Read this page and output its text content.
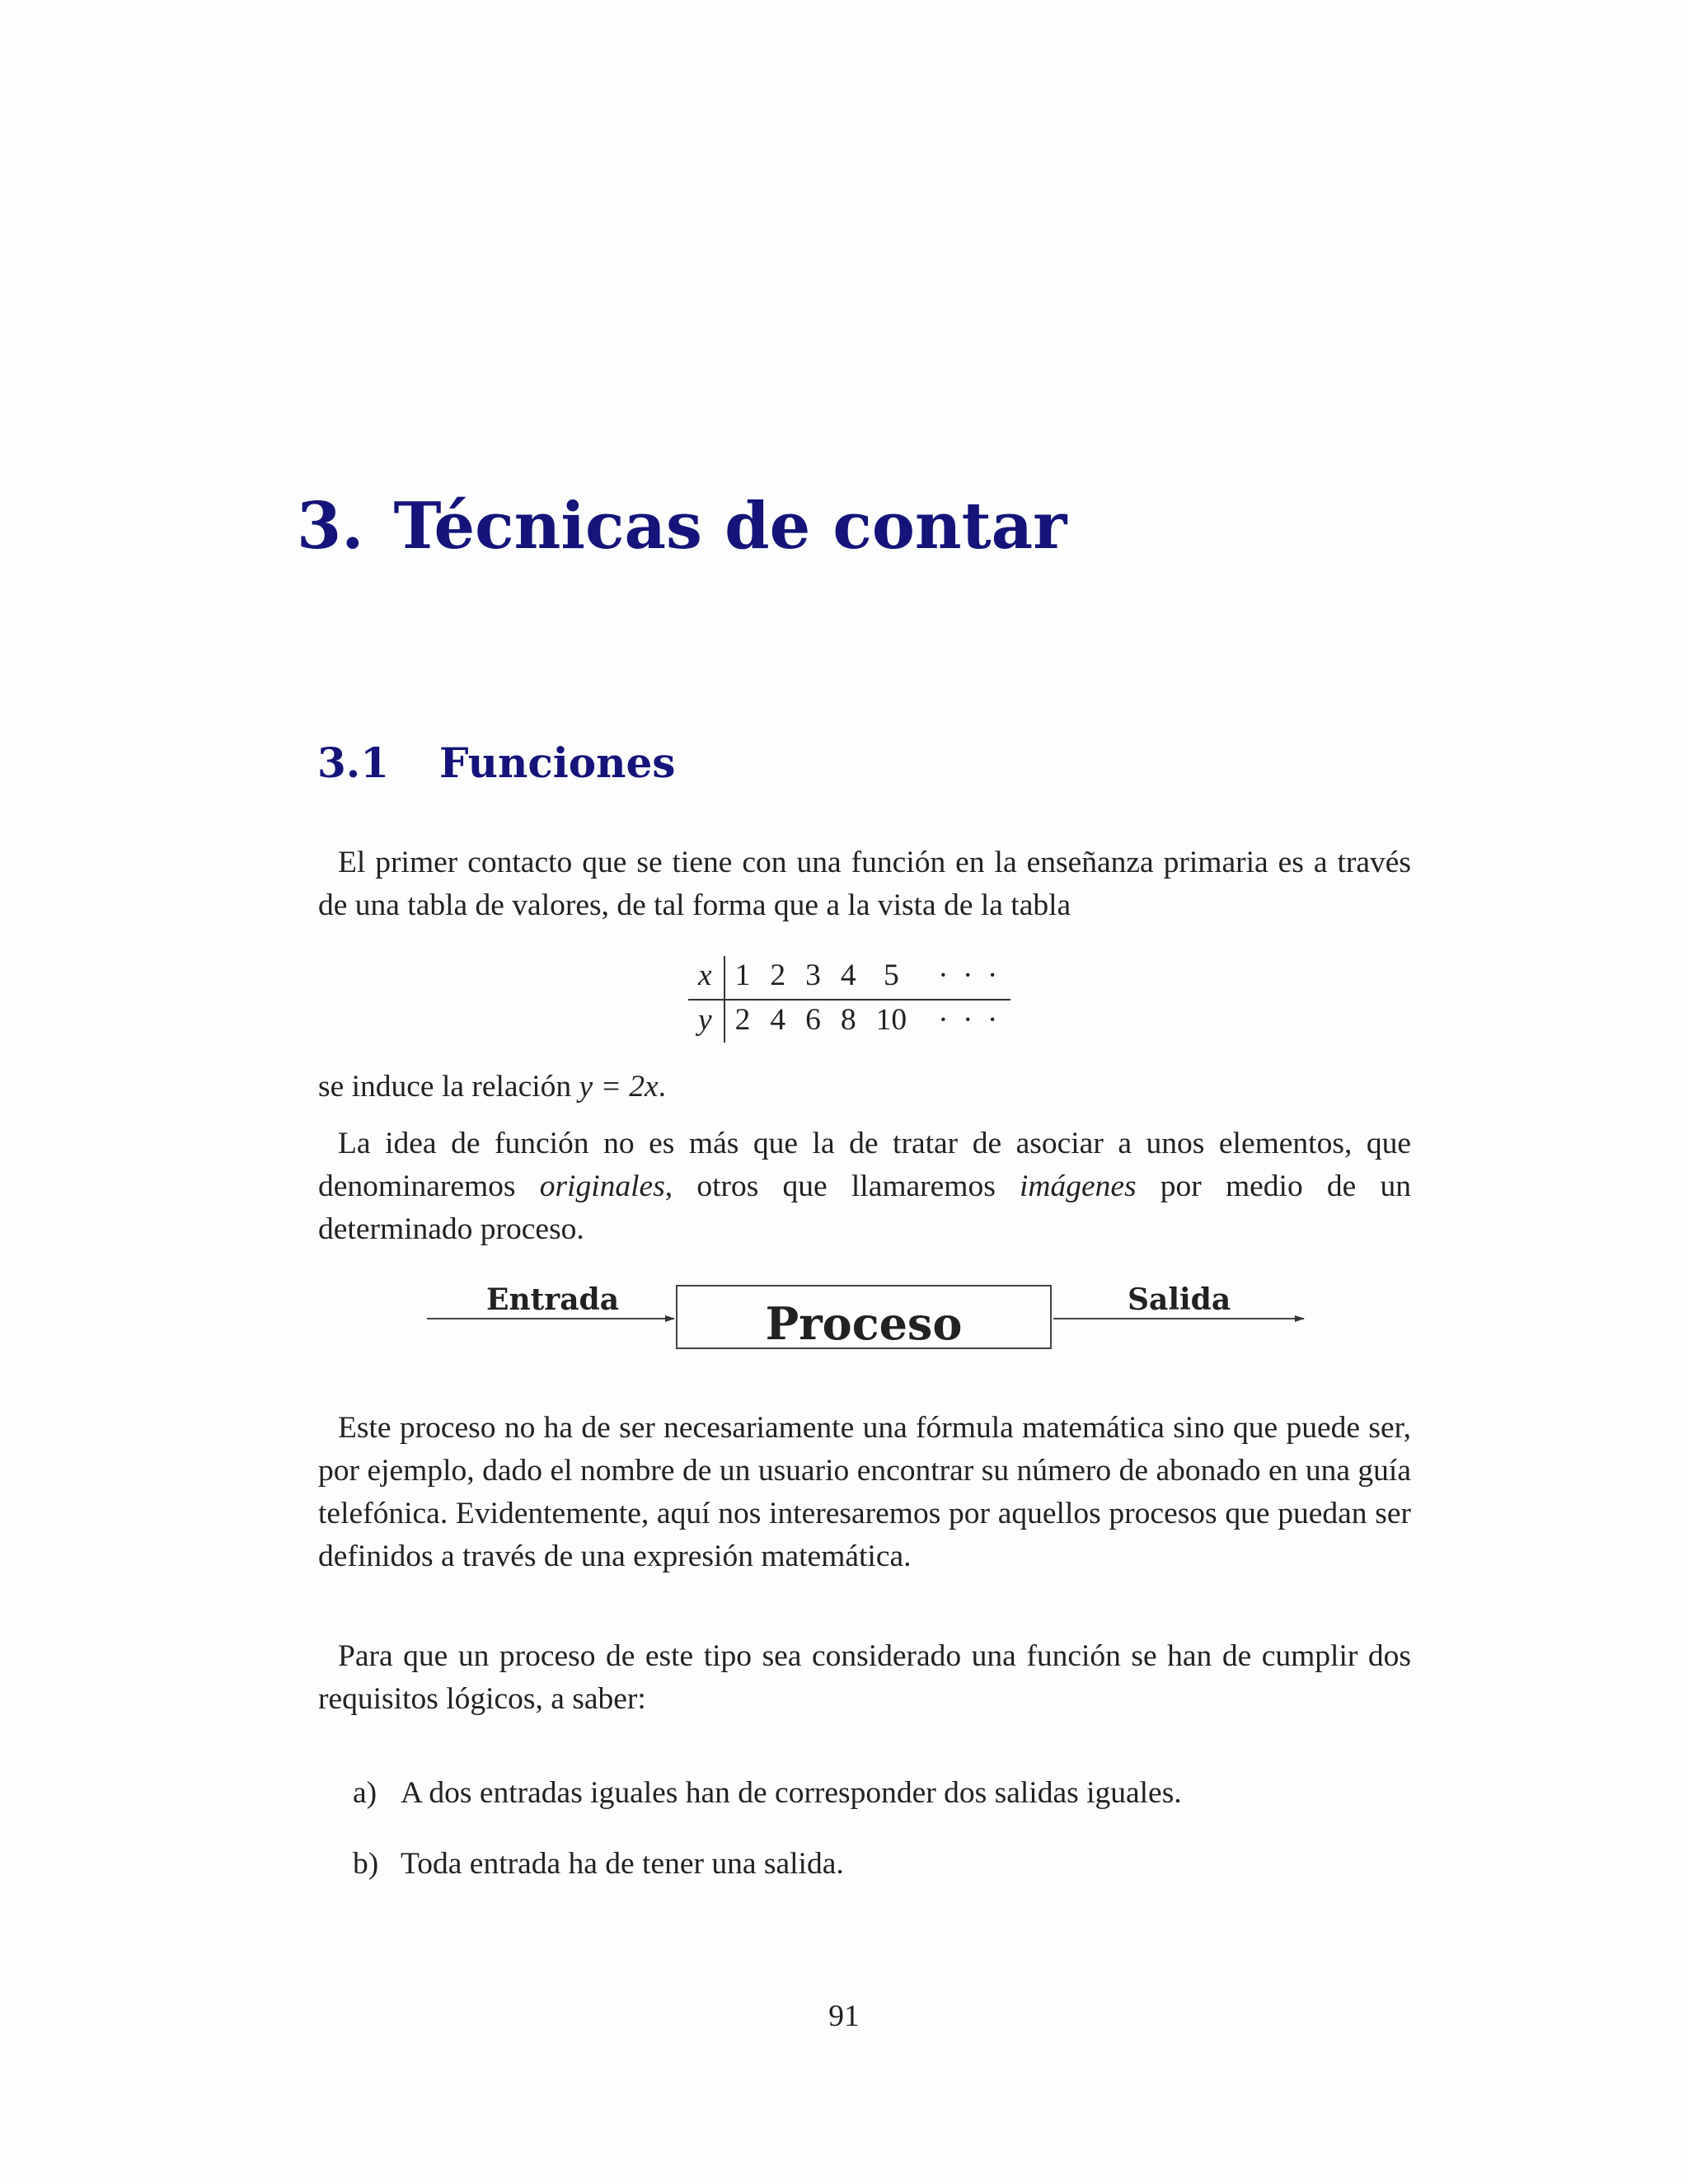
3. Técnicas de contar
3.1 Funciones

El primer contacto que se tiene con una función en la enseñanza primaria es a través de una tabla de valores, de tal forma que a la vista de la tabla

x	1	2	3	4	5	· · ·
y	2	4	6	8	10	· · ·

se induce la relación y = 2x.

La idea de función no es más que la de tratar de asociar a unos elementos, que denominaremos originales, otros que llamaremos imágenes por medio de un determinado proceso.

Entrada	Proceso	Salida

Este proceso no ha de ser necesariamente una fórmula matemática sino que puede ser, por ejemplo, dado el nombre de un usuario encontrar su número de abonado en una guía telefónica. Evidentemente, aquí nos interesaremos por aquellos procesos que puedan ser definidos a través de una expresión matemática.

Para que un proceso de este tipo sea considerado una función se han de cumplir dos requisitos lógicos, a saber:

a) A dos entradas iguales han de corresponder dos salidas iguales.
b) Toda entrada ha de tener una salida.
91
